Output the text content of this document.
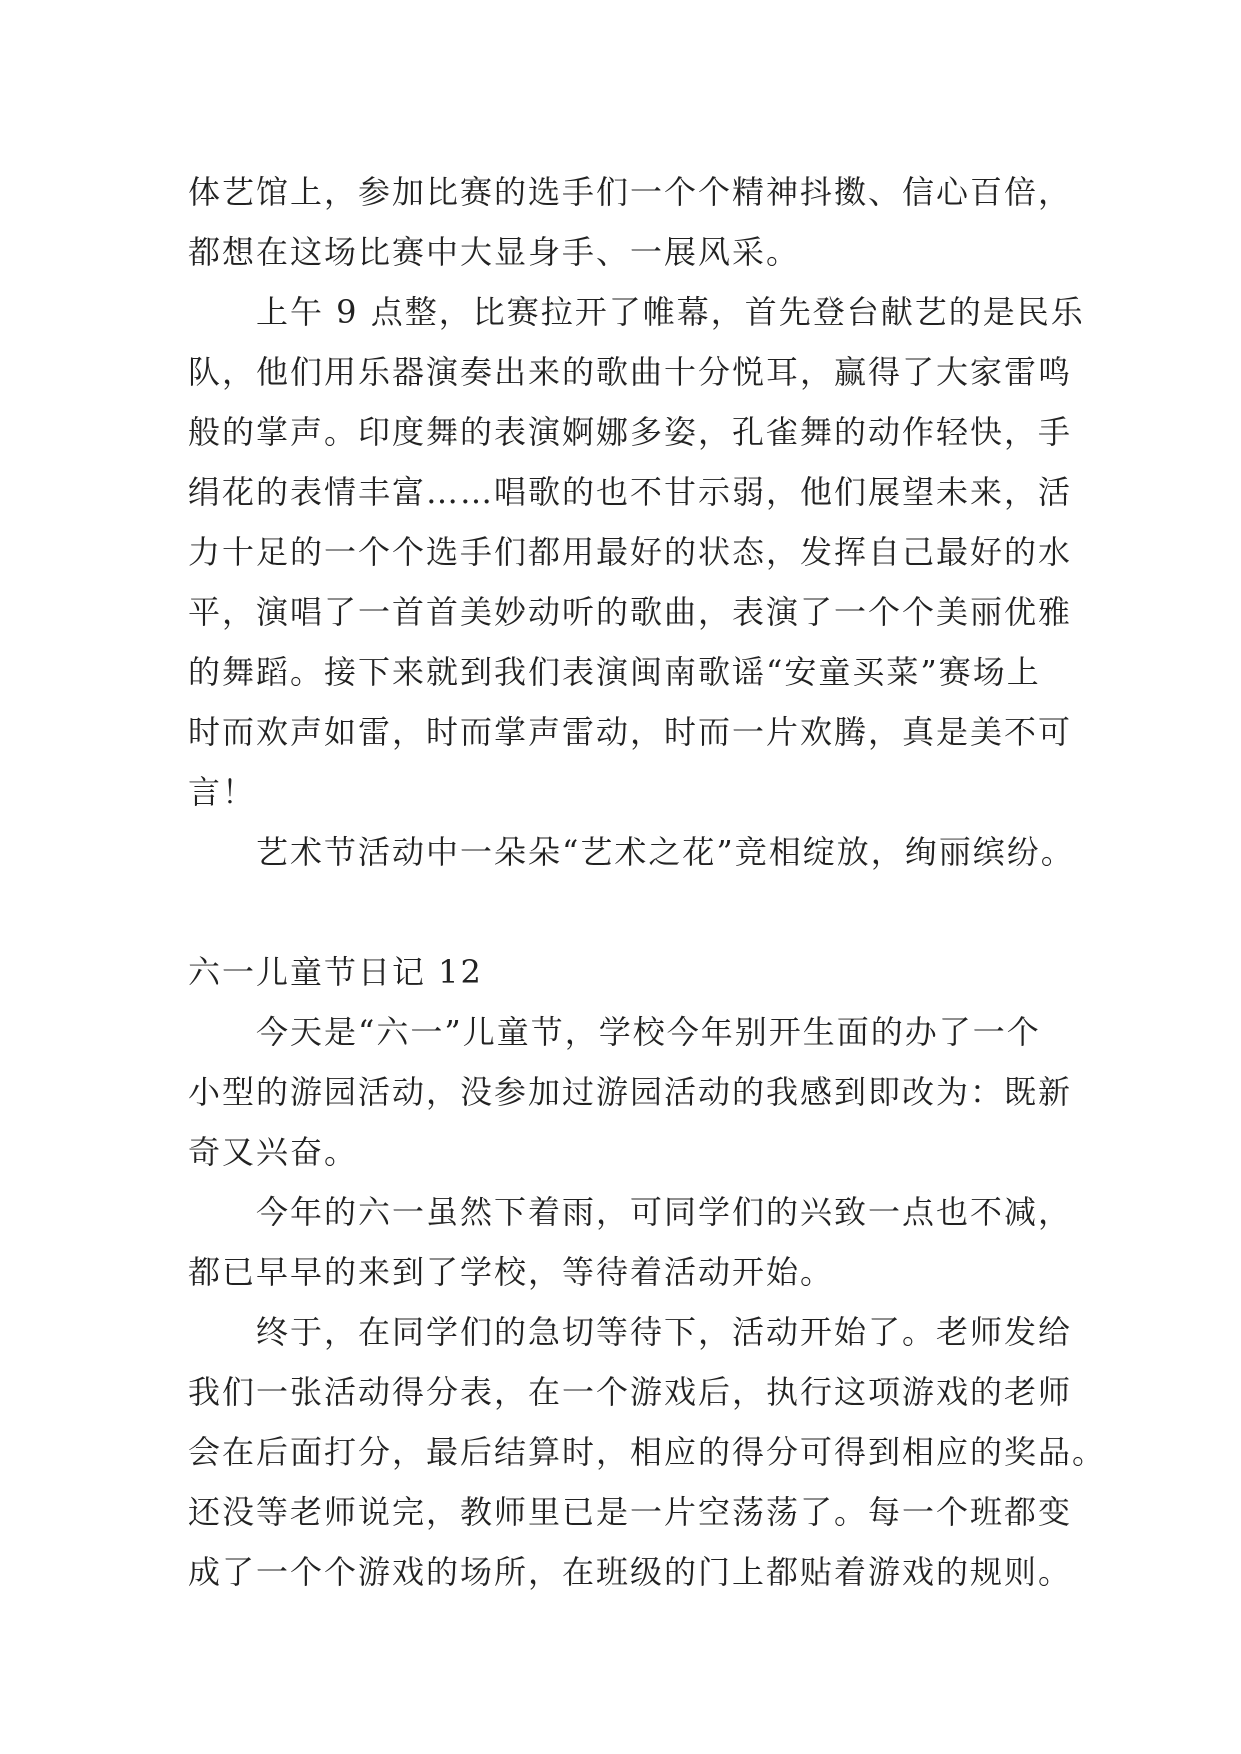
体艺馆上，参加比赛的选手们一个个精神抖擞、信心百倍，
都想在这场比赛中大显身手、一展风采。
上午 9 点整，比赛拉开了帷幕，首先登台献艺的是民乐
队，他们用乐器演奏出来的歌曲十分悦耳，赢得了大家雷鸣
般的掌声。印度舞的表演婀娜多姿，孔雀舞的动作轻快，手
绢花的表情丰富……唱歌的也不甘示弱，他们展望未来，活
力十足的一个个选手们都用最好的状态，发挥自己最好的水
平，演唱了一首首美妙动听的歌曲，表演了一个个美丽优雅
的舞蹈。接下来就到我们表演闽南歌谣“安童买菜”赛场上
时而欢声如雷，时而掌声雷动，时而一片欢腾，真是美不可
言！
艺术节活动中一朵朵“艺术之花”竞相绽放，绚丽缤纷。
六一儿童节日记 12
今天是“六一”儿童节，学校今年别开生面的办了一个
小型的游园活动，没参加过游园活动的我感到即改为：既新
奇又兴奋。
今年的六一虽然下着雨，可同学们的兴致一点也不减，
都已早早的来到了学校，等待着活动开始。
终于，在同学们的急切等待下，活动开始了。老师发给
我们一张活动得分表，在一个游戏后，执行这项游戏的老师
会在后面打分，最后结算时，相应的得分可得到相应的奖品。
还没等老师说完，教师里已是一片空荡荡了。每一个班都变
成了一个个游戏的场所，在班级的门上都贴着游戏的规则。
